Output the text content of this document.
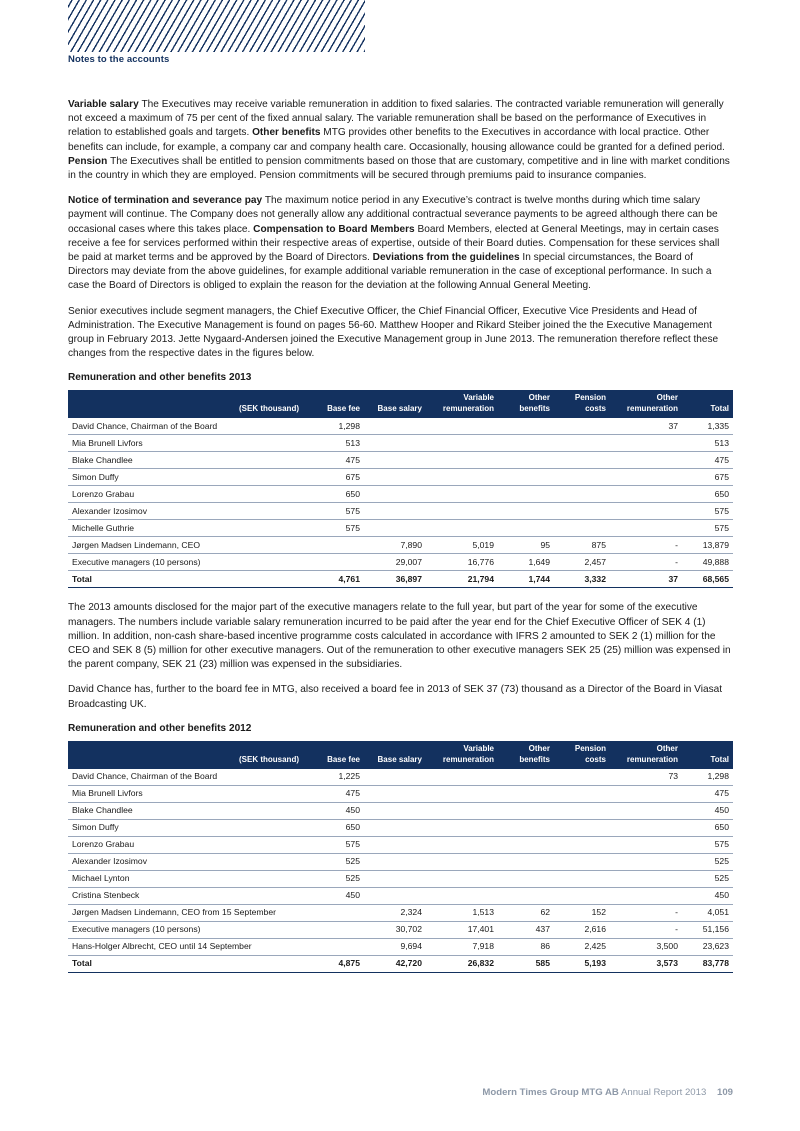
Notes to the accounts

Variable salary The Executives may receive variable remuneration in addition to fixed salaries. The contracted variable remuneration will generally not exceed a maximum of 75 per cent of the fixed annual salary. The variable remuneration shall be based on the performance of Executives in relation to established goals and targets. Other benefits MTG provides other benefits to the Executives in accordance with local practice. Other benefits can include, for example, a company car and company health care. Occasionally, housing allowance could be granted for a defined period. Pension The Executives shall be entitled to pension commitments based on those that are customary, competitive and in line with market conditions in the country in which they are employed. Pension commitments will be secured through premiums paid to insurance companies.

Notice of termination and severance pay The maximum notice period in any Executive’s contract is twelve months during which time salary payment will continue. The Company does not generally allow any additional contractual severance payments to be agreed although there can be occasional cases where this takes place. Compensation to Board Members Board Members, elected at General Meetings, may in certain cases receive a fee for services performed within their respective areas of expertise, outside of their Board duties. Compensation for these services shall be paid at market terms and be approved by the Board of Directors. Deviations from the guidelines In special circumstances, the Board of Directors may deviate from the above guidelines, for example additional variable remuneration in the case of exceptional performance. In such a case the Board of Directors is obliged to explain the reason for the deviation at the following Annual General Meeting.

Senior executives include segment managers, the Chief Executive Officer, the Chief Financial Officer, Executive Vice Presidents and Head of Administration. The Executive Management is found on pages 56-60. Matthew Hooper and Rikard Steiber joined the the Executive Management group in February 2013. Jette Nygaard-Andersen joined the Executive Management group in June 2013. The remuneration therefore reflect these changes from the respective dates in the figures below.

Remuneration and other benefits 2013
			Variable	Other	Pension	Other	
(SEK thousand)	Base fee	Base salary	remuneration	benefits	costs	remuneration	Total
David Chance, Chairman of the Board	1,298					37	1,335
Mia Brunell Livfors	513						513
Blake Chandlee	475						475
Simon Duffy	675						675
Lorenzo Grabau	650						650
Alexander Izosimov	575						575
Michelle Guthrie	575						575
Jørgen Madsen Lindemann, CEO		7,890	5,019	95	875	-	13,879
Executive managers (10 persons)		29,007	16,776	1,649	2,457	-	49,888
Total	4,761	36,897	21,794	1,744	3,332	37	68,565

The 2013 amounts disclosed for the major part of the executive managers relate to the full year, but part of the year for some of the executive managers. The numbers include variable salary remuneration incurred to be paid after the year end for the Chief Executive Officer of SEK 4 (1) million. In addition, non-cash share-based incentive programme costs calculated in accordance with IFRS 2 amounted to SEK 2 (1) million for the CEO and SEK 8 (5) million for other executive managers. Out of the remuneration to other executive managers SEK 25 (25) million was expensed in the parent company, SEK 21 (23) million was expensed in the subsidiaries.

David Chance has, further to the board fee in MTG, also received a board fee in 2013 of SEK 37 (73) thousand as a Director of the Board in Viasat Broadcasting UK.

Remuneration and other benefits 2012
			Variable	Other	Pension	Other	
(SEK thousand)	Base fee	Base salary	remuneration	benefits	costs	remuneration	Total
David Chance, Chairman of the Board	1,225					73	1,298
Mia Brunell Livfors	475						475
Blake Chandlee	450						450
Simon Duffy	650						650
Lorenzo Grabau	575						575
Alexander Izosimov	525						525
Michael Lynton	525						525
Cristina Stenbeck	450						450
Jørgen Madsen Lindemann, CEO from 15 September		2,324	1,513	62	152	-	4,051
Executive managers (10 persons)		30,702	17,401	437	2,616	-	51,156
Hans-Holger Albrecht, CEO until 14 September		9,694	7,918	86	2,425	3,500	23,623
Total	4,875	42,720	26,832	585	5,193	3,573	83,778
Modern Times Group MTG AB Annual Report 2013 109
